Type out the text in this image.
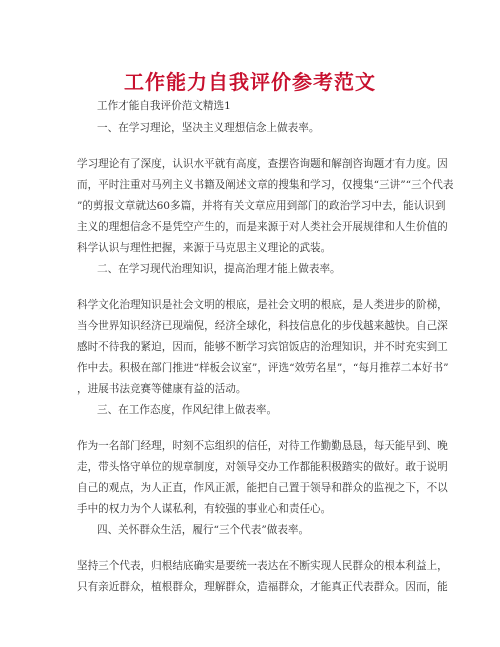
工作能力自我评价参考范文
工作才能自我评价范文精选1
一、在学习理论，坚决主义理想信念上做表率。
学习理论有了深度，认识水平就有高度，查摆咨询题和解剖咨询题才有力度。因
而，平时注重对马列主义书籍及阐述文章的搜集和学习，仅搜集“三讲”“三个代表
”的剪报文章就达60多篇，并将有关文章应用到部门的政治学习中去，能认识到
主义的理想信念不是凭空产生的，而是来源于对人类社会开展规律和人生价值的
科学认识与理性把握，来源于马克思主义理论的武装。
二、在学习现代治理知识，提高治理才能上做表率。
科学文化治理知识是社会文明的根底，是社会文明的根底，是人类进步的阶梯，
当今世界知识经济已现端倪，经济全球化，科技信息化的步伐越来越快。自己深
感时不待我的紧迫，因而，能够不断学习宾馆饭店的治理知识，并不时充实到工
作中去。积极在部门推进“样板会议室”，评选“效劳名星”，“每月推荐二本好书”
，进展书法竞赛等健康有益的活动。
三、在工作态度，作风纪律上做表率。
作为一名部门经理，时刻不忘组织的信任，对待工作勤勤恳恳，每天能早到、晚
走，带头恪守单位的规章制度，对领导交办工作都能积极踏实的做好。敢于说明
自己的观点，为人正直，作风正派，能把自己置于领导和群众的监视之下，不以
手中的权力为个人谋私利，有较强的事业心和责任心。
四、关怀群众生活，履行“三个代表”做表率。
坚持三个代表，归根结底确实是要统一表达在不断实现人民群众的根本利益上，
只有亲近群众，植根群众，理解群众，造福群众，才能真正代表群众。因而，能
